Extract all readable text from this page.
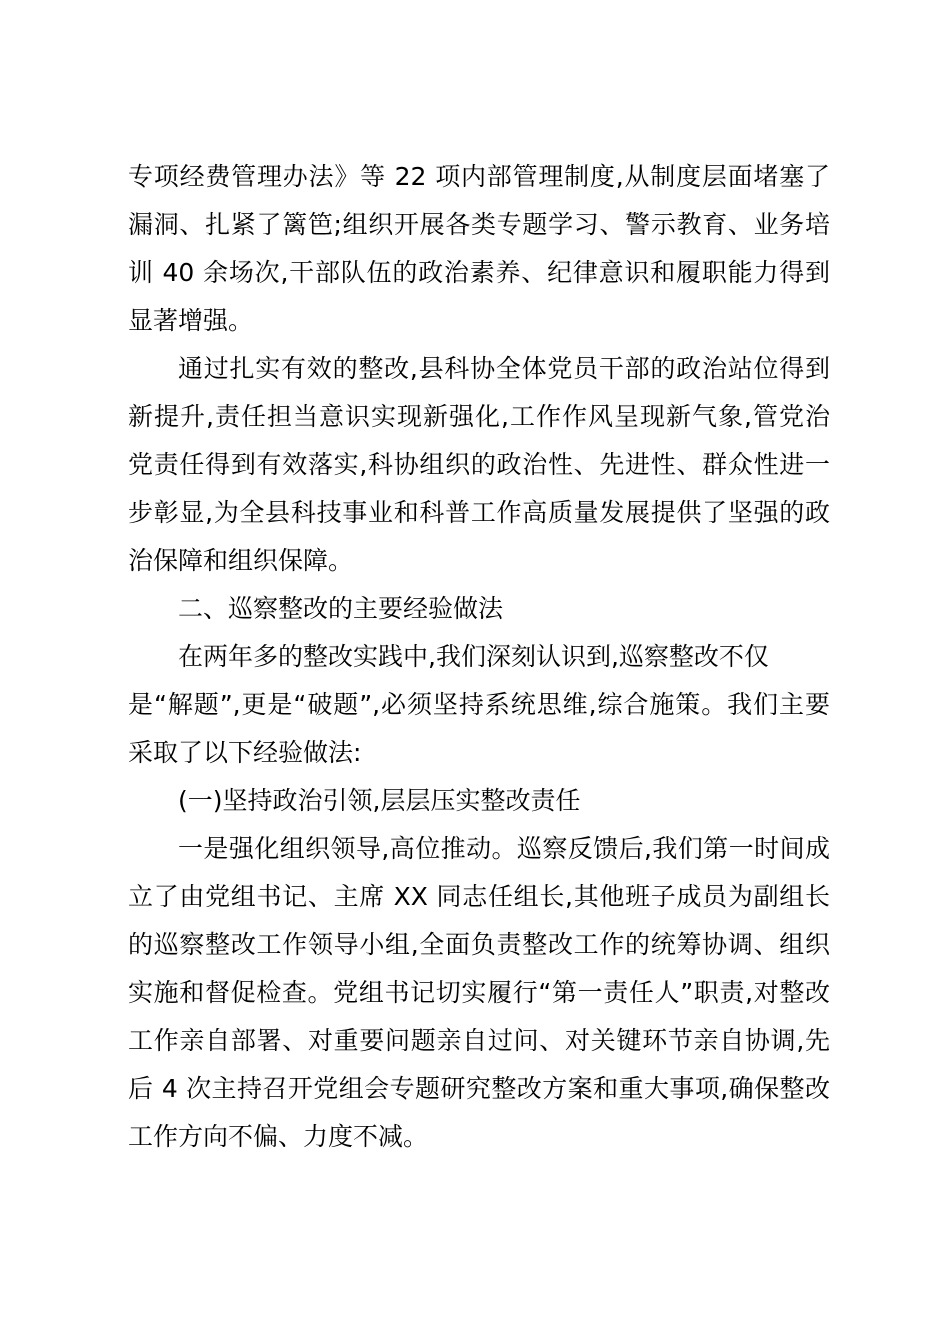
专项经费管理办法》等 22 项内部管理制度,从制度层面堵塞了
漏洞、扎紧了篱笆;组织开展各类专题学习、警示教育、业务培
训 40 余场次,干部队伍的政治素养、纪律意识和履职能力得到
显著增强。
通过扎实有效的整改,县科协全体党员干部的政治站位得到
新提升,责任担当意识实现新强化,工作作风呈现新气象,管党治
党责任得到有效落实,科协组织的政治性、先进性、群众性进一
步彰显,为全县科技事业和科普工作高质量发展提供了坚强的政
治保障和组织保障。
二、巡察整改的主要经验做法
在两年多的整改实践中,我们深刻认识到,巡察整改不仅
是“解题”,更是“破题”,必须坚持系统思维,综合施策。我们主要
采取了以下经验做法:
(一)坚持政治引领,层层压实整改责任
一是强化组织领导,高位推动。巡察反馈后,我们第一时间成
立了由党组书记、主席 XX 同志任组长,其他班子成员为副组长
的巡察整改工作领导小组,全面负责整改工作的统筹协调、组织
实施和督促检查。党组书记切实履行“第一责任人”职责,对整改
工作亲自部署、对重要问题亲自过问、对关键环节亲自协调,先
后 4 次主持召开党组会专题研究整改方案和重大事项,确保整改
工作方向不偏、力度不减。
